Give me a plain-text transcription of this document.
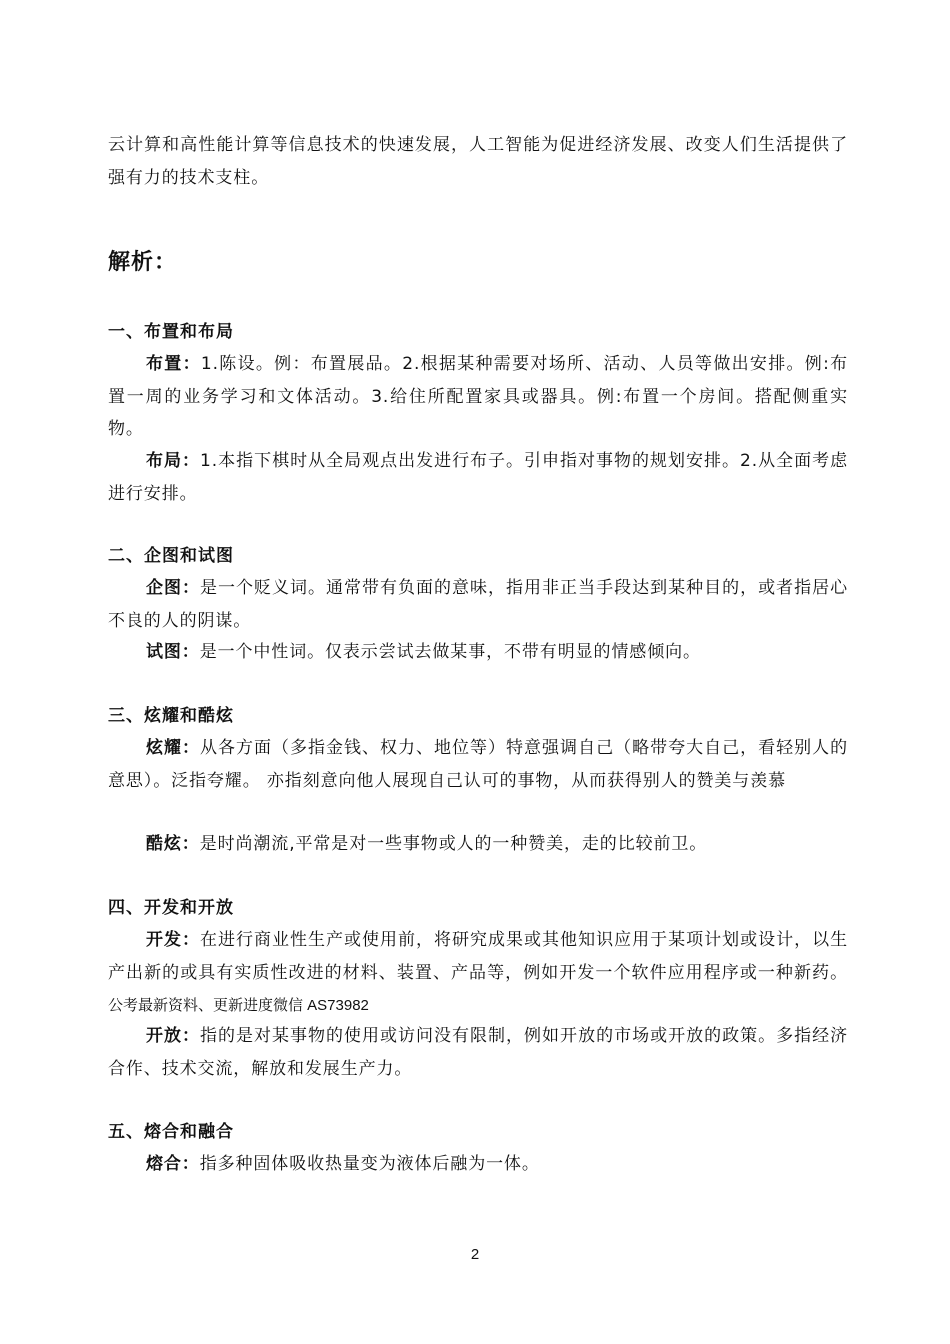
云计算和高性能计算等信息技术的快速发展，人工智能为促进经济发展、改变人们生活提供了强有力的技术支柱。

解析：
一、布置和布局

布置：1.陈设。例：布置展品。2.根据某种需要对场所、活动、人员等做出安排。例:布置一周的业务学习和文体活动。3.给住所配置家具或器具。例:布置一个房间。搭配侧重实物。

布局：1.本指下棋时从全局观点出发进行布子。引申指对事物的规划安排。2.从全面考虑进行安排。

二、企图和试图

企图：是一个贬义词。通常带有负面的意味，指用非正当手段达到某种目的，或者指居心不良的人的阴谋。

试图：是一个中性词。仅表示尝试去做某事，不带有明显的情感倾向。

三、炫耀和酷炫

炫耀：从各方面（多指金钱、权力、地位等）特意强调自己（略带夸大自己，看轻别人的意思）。泛指夸耀。 亦指刻意向他人展现自己认可的事物，从而获得别人的赞美与羡慕

酷炫：是时尚潮流,平常是对一些事物或人的一种赞美，走的比较前卫。

四、开发和开放

开发：在进行商业性生产或使用前，将研究成果或其他知识应用于某项计划或设计，以生产出新的或具有实质性改进的材料、装置、产品等，例如开发一个软件应用程序或一种新药。公考最新资料、更新进度微信 AS73982

开放：指的是对某事物的使用或访问没有限制，例如开放的市场或开放的政策。多指经济合作、技术交流，解放和发展生产力。

五、熔合和融合

熔合：指多种固体吸收热量变为液体后融为一体。

2
